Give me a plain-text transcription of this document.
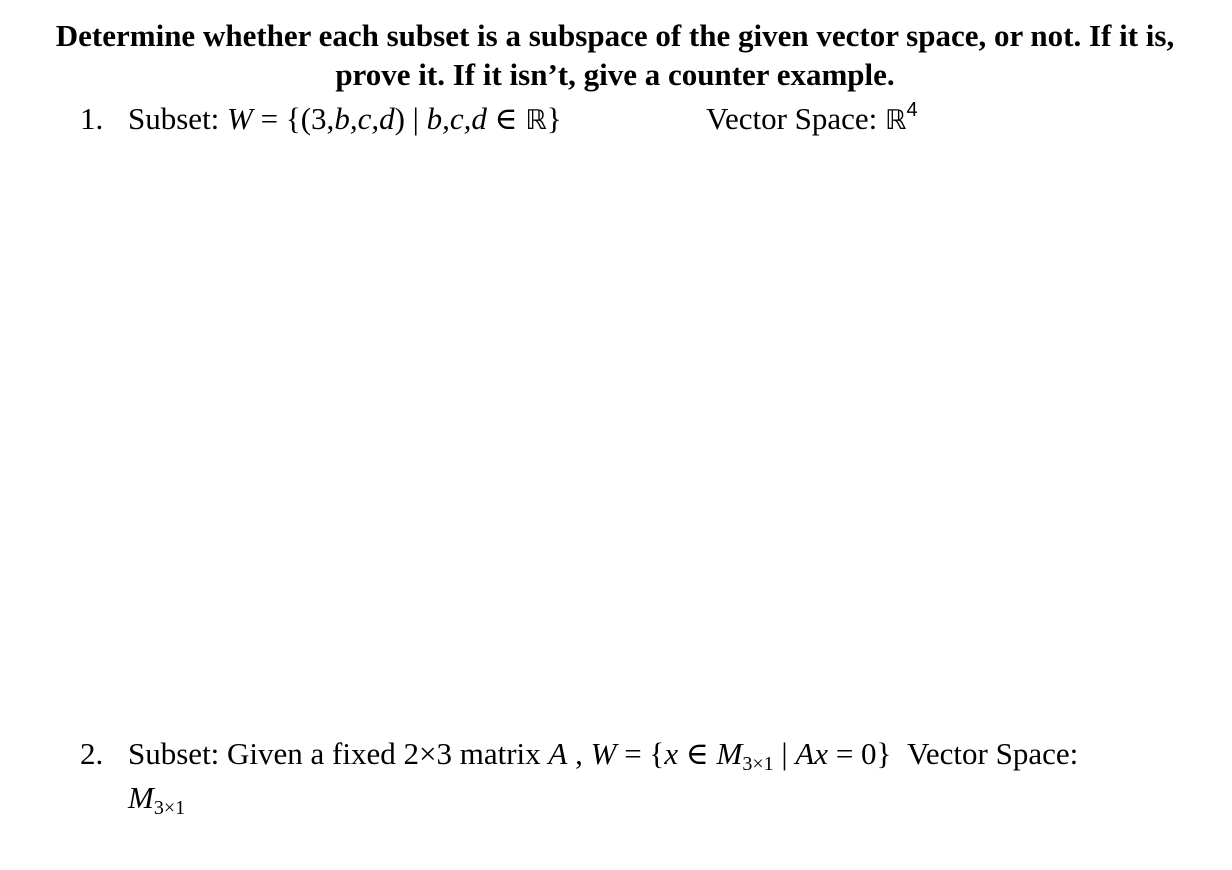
Determine whether each subset is a subspace of the given vector space, or not. If it is, prove it. If it isn’t, give a counter example.
1. Subset: W = {(3,b,c,d) | b,c,d ∈ ℝ}	Vector Space: ℝ$^4$
2. Subset: Given a fixed 2×3 matrix A , W = {x ∈ $M_{3\times 1}$ | Ax = 0} Vector Space:
$M_{3\times 1}$
